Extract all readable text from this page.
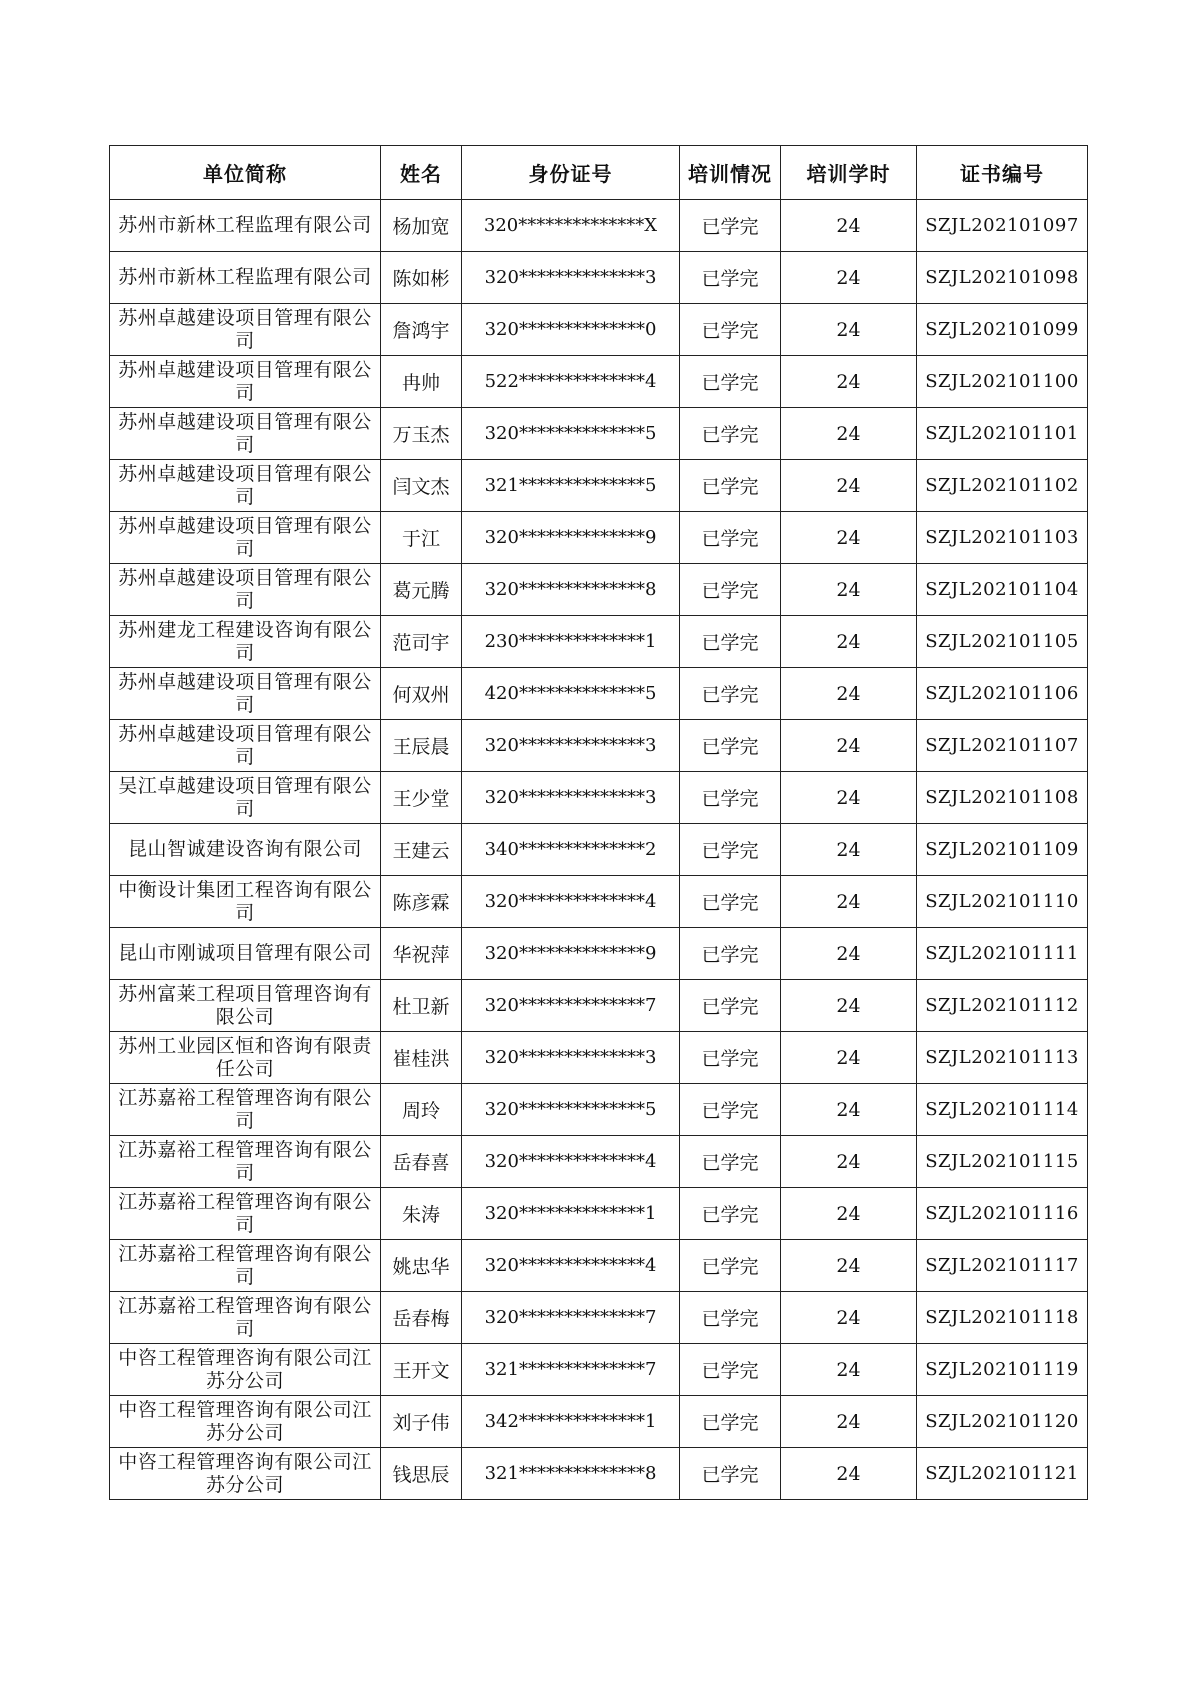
单位简称	姓名	身份证号	培训情况	培训学时	证书编号

苏州市新林工程监理有限公司	杨加宽	320**************X	已学完	24	SZJL202101097

苏州市新林工程监理有限公司	陈如彬	320**************3	已学完	24	SZJL202101098

苏州卓越建设项目管理有限公司	詹鸿宇	320**************0	已学完	24	SZJL202101099

苏州卓越建设项目管理有限公司	冉帅	522**************4	已学完	24	SZJL202101100

苏州卓越建设项目管理有限公司	万玉杰	320**************5	已学完	24	SZJL202101101

苏州卓越建设项目管理有限公司	闫文杰	321**************5	已学完	24	SZJL202101102

苏州卓越建设项目管理有限公司	于江	320**************9	已学完	24	SZJL202101103

苏州卓越建设项目管理有限公司	葛元腾	320**************8	已学完	24	SZJL202101104

苏州建龙工程建设咨询有限公司	范司宇	230**************1	已学完	24	SZJL202101105

苏州卓越建设项目管理有限公司	何双州	420**************5	已学完	24	SZJL202101106

苏州卓越建设项目管理有限公司	王辰晨	320**************3	已学完	24	SZJL202101107

吴江卓越建设项目管理有限公司	王少堂	320**************3	已学完	24	SZJL202101108

昆山智诚建设咨询有限公司	王建云	340**************2	已学完	24	SZJL202101109

中衡设计集团工程咨询有限公司	陈彦霖	320**************4	已学完	24	SZJL202101110

昆山市刚诚项目管理有限公司	华祝萍	320**************9	已学完	24	SZJL202101111

苏州富莱工程项目管理咨询有限公司	杜卫新	320**************7	已学完	24	SZJL202101112

苏州工业园区恒和咨询有限责任公司	崔桂洪	320**************3	已学完	24	SZJL202101113

江苏嘉裕工程管理咨询有限公司	周玲	320**************5	已学完	24	SZJL202101114

江苏嘉裕工程管理咨询有限公司	岳春喜	320**************4	已学完	24	SZJL202101115

江苏嘉裕工程管理咨询有限公司	朱涛	320**************1	已学完	24	SZJL202101116

江苏嘉裕工程管理咨询有限公司	姚忠华	320**************4	已学完	24	SZJL202101117

江苏嘉裕工程管理咨询有限公司	岳春梅	320**************7	已学完	24	SZJL202101118

中咨工程管理咨询有限公司江苏分公司	王开文	321**************7	已学完	24	SZJL202101119

中咨工程管理咨询有限公司江苏分公司	刘子伟	342**************1	已学完	24	SZJL202101120

中咨工程管理咨询有限公司江苏分公司	钱思辰	321**************8	已学完	24	SZJL202101121
